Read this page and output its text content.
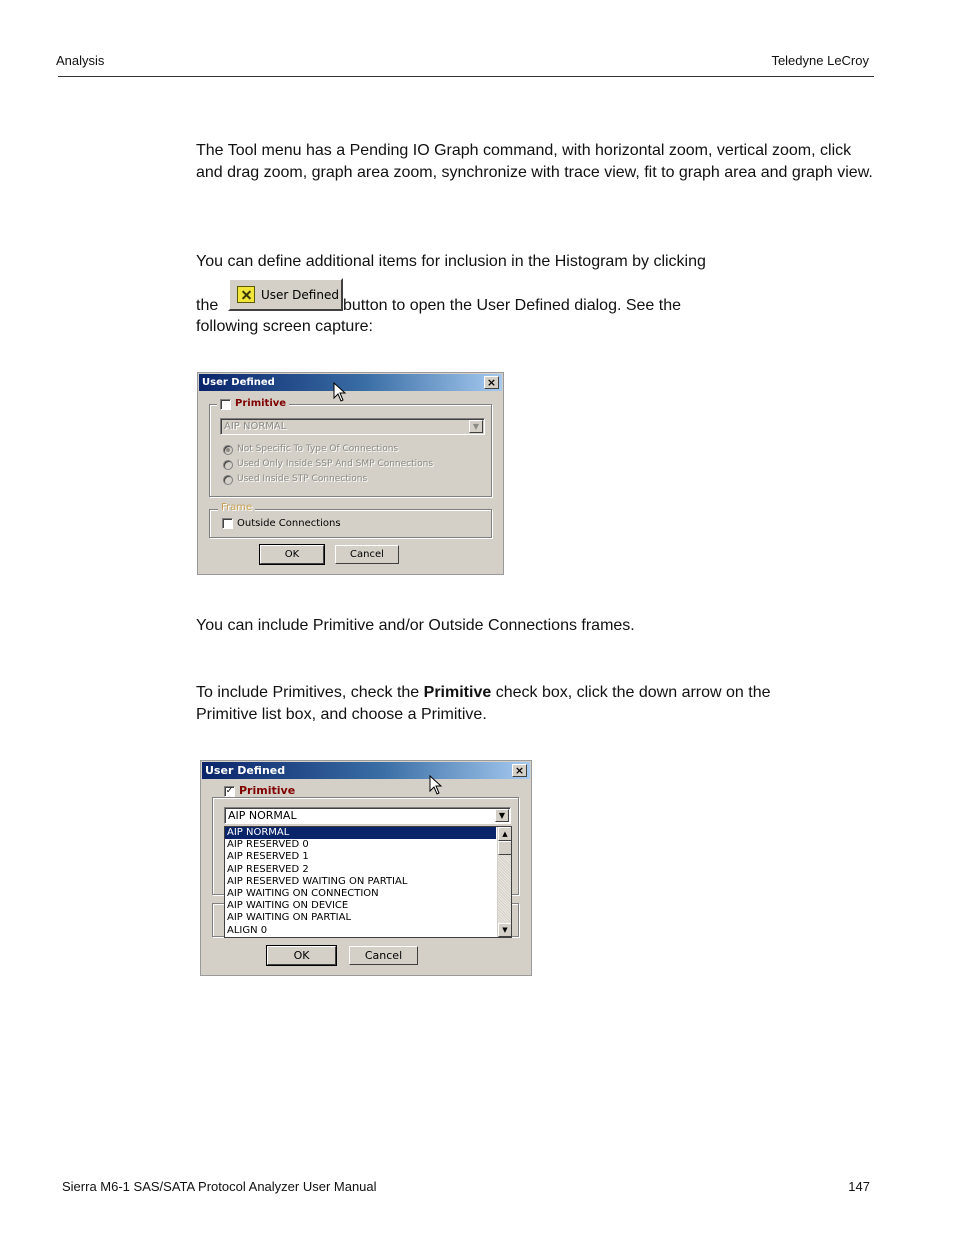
Analysis	Teledyne LeCroy
The Tool menu has a Pending IO Graph command, with horizontal zoom, vertical zoom, click and drag zoom, graph area zoom, synchronize with trace view, fit to graph area and graph view.
You can define additional items for inclusion in the Histogram by clicking
the
User Defined
button to open the User Defined dialog. See the
following screen capture:
User Defined	×
Primitive
AIP NORMAL	▼
Not Specific To Type Of Connections
Used Only Inside SSP And SMP Connections
Used Inside STP Connections
Frame
Outside Connections
OK	Cancel
You can include Primitive and/or Outside Connections frames.
To include Primitives, check the Primitive check box, click the down arrow on the
Primitive list box, and choose a Primitive.
User Defined	×
✓ Primitive
AIP NORMAL	▼
AIP NORMAL
AIP RESERVED 0
AIP RESERVED 1
AIP RESERVED 2
AIP RESERVED WAITING ON PARTIAL
AIP WAITING ON CONNECTION
AIP WAITING ON DEVICE
AIP WAITING ON PARTIAL
ALIGN 0
▲
▼
OK	Cancel
Sierra M6-1 SAS/SATA Protocol Analyzer User Manual	147
